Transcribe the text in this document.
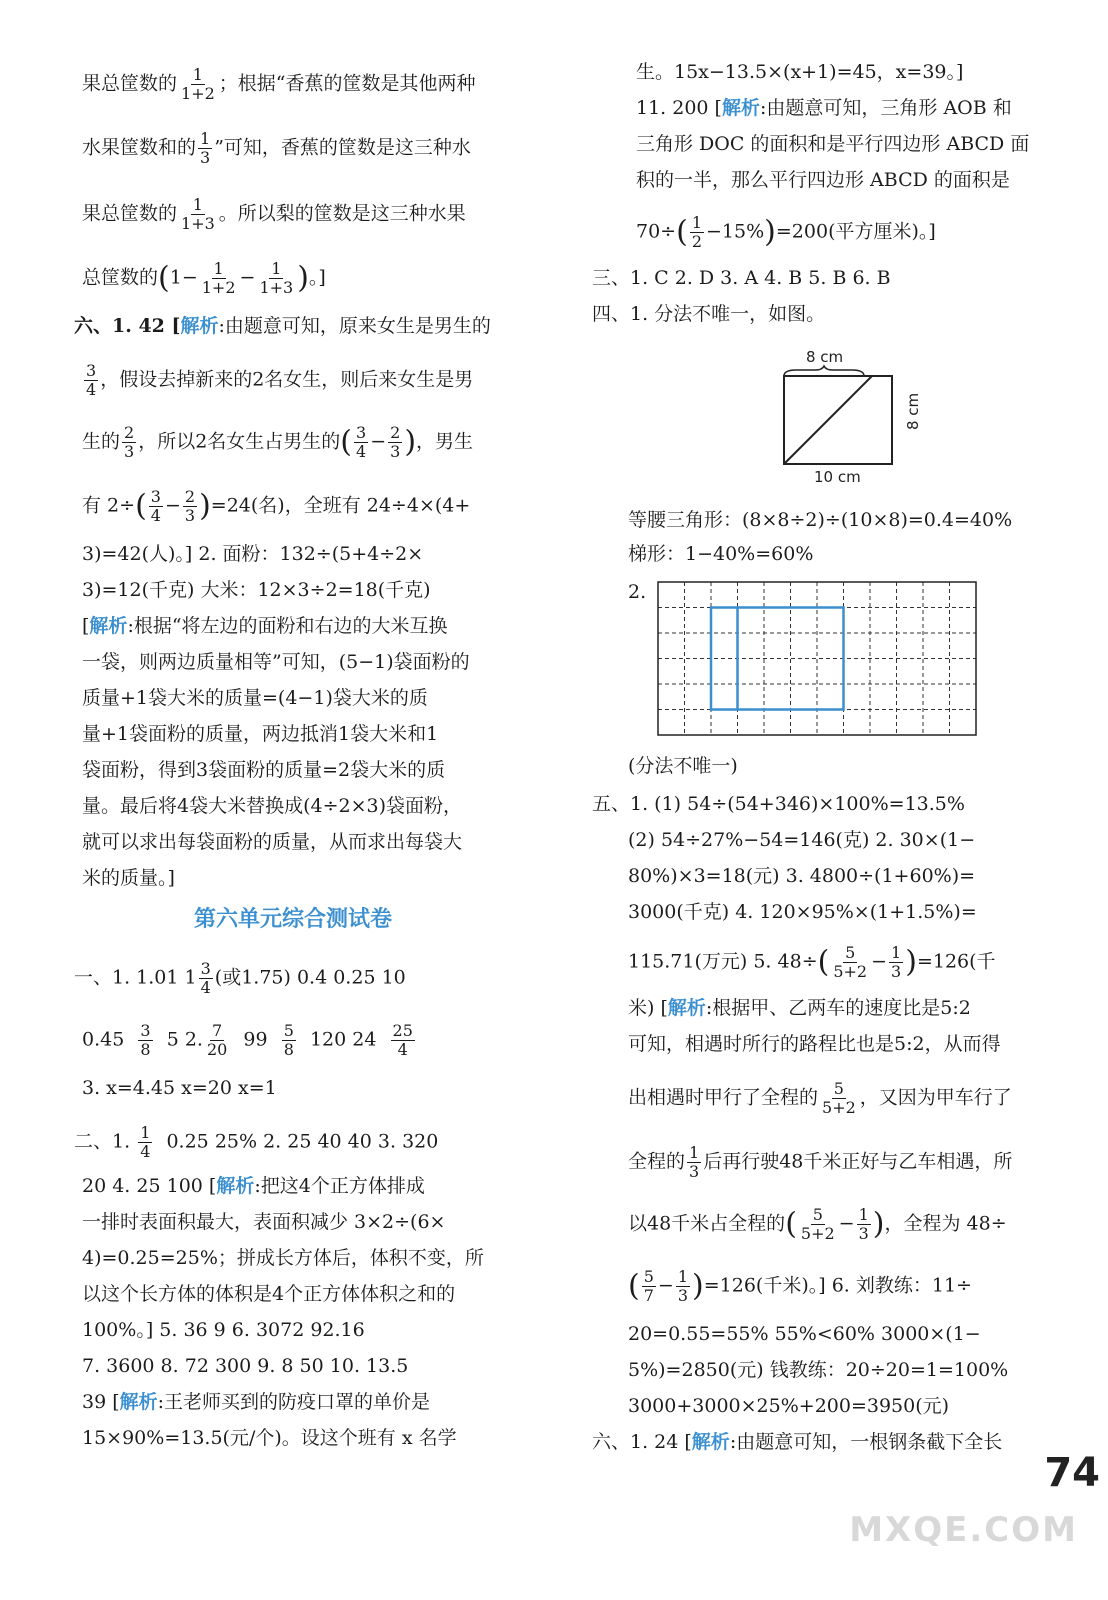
果总筐数的 $\frac{1}{1+2}$ ；根据“香蕉的筐数是其他两种
水果筐数和的 $\frac{1}{3}$ ”可知，香蕉的筐数是这三种水
果总筐数的 $\frac{1}{1+3}$ 。所以梨的筐数是这三种水果
总筐数的($1- \frac{1}{1+2} - \frac{1}{1+3}$ )。]
六、1. 42 [解析:由题意可知，原来女生是男生的
$\frac{3}{4}$ ，假设去掉新来的2名女生，则后来女生是男
生的 $\frac{2}{3}$ ，所以2名女生占男生的( $\frac{3}{4} - \frac{2}{3}$ )，男生
有 $2\div( \frac{3}{4} - \frac{2}{3} )=24$(名)，全班有 24÷4×(4+
3)=42(人)。] 2. 面粉：132÷(5+4÷2×
3)=12(千克) 大米：12×3÷2=18(千克)
[解析:根据“将左边的面粉和右边的大米互换
一袋，则两边质量相等”可知，(5−1)袋面粉的
质量+1袋大米的质量=(4−1)袋大米的质
量+1袋面粉的质量，两边抵消1袋大米和1
袋面粉，得到3袋面粉的质量=2袋大米的质
量。最后将4袋大米替换成(4÷2×3)袋面粉，
就可以求出每袋面粉的质量，从而求出每袋大
米的质量。]
第六单元综合测试卷
一、1. 1.01 $1 \frac{3}{4}$ (或1.75) 0.4 0.25 10
$0.45 \frac{3}{8} 5$ 2. $\frac{7}{20} 99 \frac{5}{8} 120$ $24 \frac{25}{4}$
3. x=4.45 x=20 x=1
二、1. $\frac{1}{4} 0.25$ 25% 2. 25 40 40 3. 320
20 4. 25 100 [解析:把这4个正方体排成
一排时表面积最大，表面积减少 3×2÷(6×
4)=0.25=25%；拼成长方体后，体积不变，所
以这个长方体的体积是4个正方体体积之和的
100%。] 5. 36 9 6. 3072 92.16
7. 3600 8. 72 300 9. 8 50 10. 13.5
39 [解析:王老师买到的防疫口罩的单价是
15×90%=13.5(元/个)。设这个班有 x 名学
生。15x−13.5×(x+1)=45，x=39。]
11. 200 [解析:由题意可知，三角形 AOB 和
三角形 DOC 的面积和是平行四边形 ABCD 面
积的一半，那么平行四边形 ABCD 的面积是
$70\div( \frac{1}{2} -15\%)=200$(平方厘米)。]
三、1. C 2. D 3. A 4. B 5. B 6. B
四、1. 分法不唯一，如图。
8 cm
8 cm
10 cm
等腰三角形：(8×8÷2)÷(10×8)=0.4=40%
梯形：1−40%=60%
2.
(分法不唯一)
五、1. (1) 54÷(54+346)×100%=13.5%
(2) 54÷27%−54=146(克) 2. 30×(1−
80%)×3=18(元) 3. 4800÷(1+60%)=
3000(千克) 4. 120×95%×(1+1.5%)=
115.71(万元) 5. $48\div( \frac{5}{5+2} - \frac{1}{3} )=126$(千
米) [解析:根据甲、乙两车的速度比是5:2
可知，相遇时所行的路程比也是5:2，从而得
出相遇时甲行了全程的 $\frac{5}{5+2}$ ，又因为甲车行了
全程的 $\frac{1}{3}$ 后再行驶48千米正好与乙车相遇，所
以48千米占全程的( $\frac{5}{5+2} - \frac{1}{3}$ )，全程为 48÷
( $\frac{5}{7} - \frac{1}{3} )=126$(千米)。] 6. 刘教练：11÷
20=0.55=55% 55%<60% 3000×(1−
5%)=2850(元) 钱教练：20÷20=1=100%
3000+3000×25%+200=3950(元)
六、1. 24 [解析:由题意可知，一根钢条截下全长
74
MXQE.COM
